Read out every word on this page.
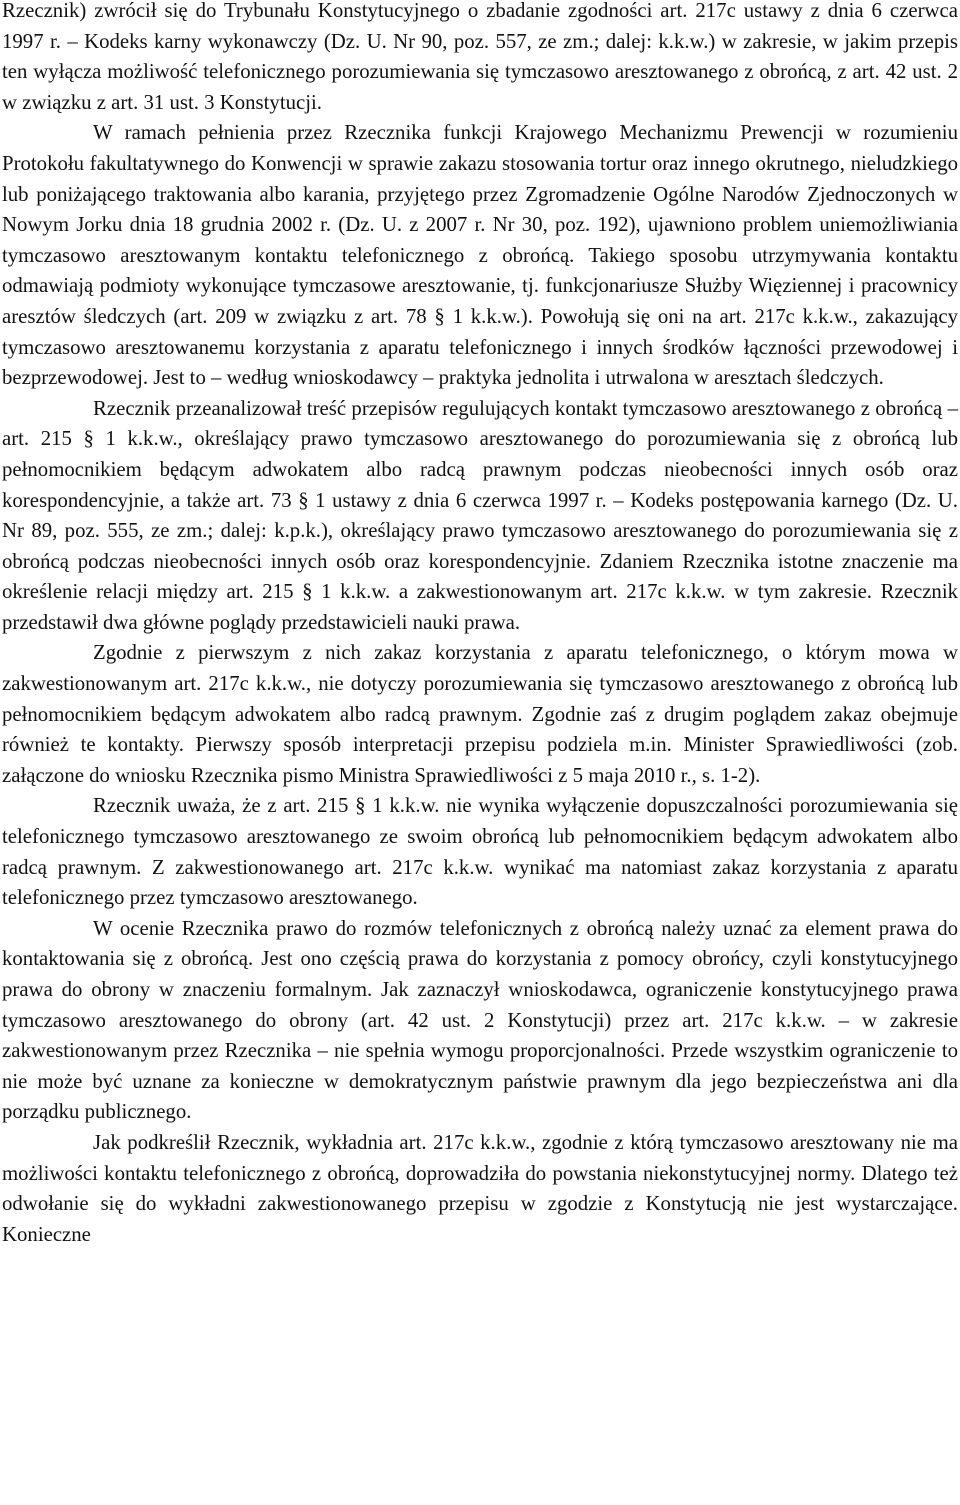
Rzecznik) zwrócił się do Trybunału Konstytucyjnego o zbadanie zgodności art. 217c ustawy z dnia 6 czerwca 1997 r. – Kodeks karny wykonawczy (Dz. U. Nr 90, poz. 557, ze zm.; dalej: k.k.w.) w zakresie, w jakim przepis ten wyłącza możliwość telefonicznego porozumiewania się tymczasowo aresztowanego z obrońcą, z art. 42 ust. 2 w związku z art. 31 ust. 3 Konstytucji.

W ramach pełnienia przez Rzecznika funkcji Krajowego Mechanizmu Prewencji w rozumieniu Protokołu fakultatywnego do Konwencji w sprawie zakazu stosowania tortur oraz innego okrutnego, nieludzkiego lub poniżającego traktowania albo karania, przyjętego przez Zgromadzenie Ogólne Narodów Zjednoczonych w Nowym Jorku dnia 18 grudnia 2002 r. (Dz. U. z 2007 r. Nr 30, poz. 192), ujawniono problem uniemożliwiania tymczasowo aresztowanym kontaktu telefonicznego z obrońcą. Takiego sposobu utrzymywania kontaktu odmawiają podmioty wykonujące tymczasowe aresztowanie, tj. funkcjonariusze Służby Więziennej i pracownicy aresztów śledczych (art. 209 w związku z art. 78 § 1 k.k.w.). Powołują się oni na art. 217c k.k.w., zakazujący tymczasowo aresztowanemu korzystania z aparatu telefonicznego i innych środków łączności przewodowej i bezprzewodowej. Jest to – według wnioskodawcy – praktyka jednolita i utrwalona w aresztach śledczych.

Rzecznik przeanalizował treść przepisów regulujących kontakt tymczasowo aresztowanego z obrońcą – art. 215 § 1 k.k.w., określający prawo tymczasowo aresztowanego do porozumiewania się z obrońcą lub pełnomocnikiem będącym adwokatem albo radcą prawnym podczas nieobecności innych osób oraz korespondencyjnie, a także art. 73 § 1 ustawy z dnia 6 czerwca 1997 r. – Kodeks postępowania karnego (Dz. U. Nr 89, poz. 555, ze zm.; dalej: k.p.k.), określający prawo tymczasowo aresztowanego do porozumiewania się z obrońcą podczas nieobecności innych osób oraz korespondencyjnie. Zdaniem Rzecznika istotne znaczenie ma określenie relacji między art. 215 § 1 k.k.w. a zakwestionowanym art. 217c k.k.w. w tym zakresie. Rzecznik przedstawił dwa główne poglądy przedstawicieli nauki prawa.

Zgodnie z pierwszym z nich zakaz korzystania z aparatu telefonicznego, o którym mowa w zakwestionowanym art. 217c k.k.w., nie dotyczy porozumiewania się tymczasowo aresztowanego z obrońcą lub pełnomocnikiem będącym adwokatem albo radcą prawnym. Zgodnie zaś z drugim poglądem zakaz obejmuje również te kontakty. Pierwszy sposób interpretacji przepisu podziela m.in. Minister Sprawiedliwości (zob. załączone do wniosku Rzecznika pismo Ministra Sprawiedliwości z 5 maja 2010 r., s. 1-2).

Rzecznik uważa, że z art. 215 § 1 k.k.w. nie wynika wyłączenie dopuszczalności porozumiewania się telefonicznego tymczasowo aresztowanego ze swoim obrońcą lub pełnomocnikiem będącym adwokatem albo radcą prawnym. Z zakwestionowanego art. 217c k.k.w. wynikać ma natomiast zakaz korzystania z aparatu telefonicznego przez tymczasowo aresztowanego.

W ocenie Rzecznika prawo do rozmów telefonicznych z obrońcą należy uznać za element prawa do kontaktowania się z obrońcą. Jest ono częścią prawa do korzystania z pomocy obrońcy, czyli konstytucyjnego prawa do obrony w znaczeniu formalnym. Jak zaznaczył wnioskodawca, ograniczenie konstytucyjnego prawa tymczasowo aresztowanego do obrony (art. 42 ust. 2 Konstytucji) przez art. 217c k.k.w. – w zakresie zakwestionowanym przez Rzecznika – nie spełnia wymogu proporcjonalności. Przede wszystkim ograniczenie to nie może być uznane za konieczne w demokratycznym państwie prawnym dla jego bezpieczeństwa ani dla porządku publicznego.

Jak podkreślił Rzecznik, wykładnia art. 217c k.k.w., zgodnie z którą tymczasowo aresztowany nie ma możliwości kontaktu telefonicznego z obrońcą, doprowadziła do powstania niekonstytucyjnej normy. Dlatego też odwołanie się do wykładni zakwestionowanego przepisu w zgodzie z Konstytucją nie jest wystarczające. Konieczne
